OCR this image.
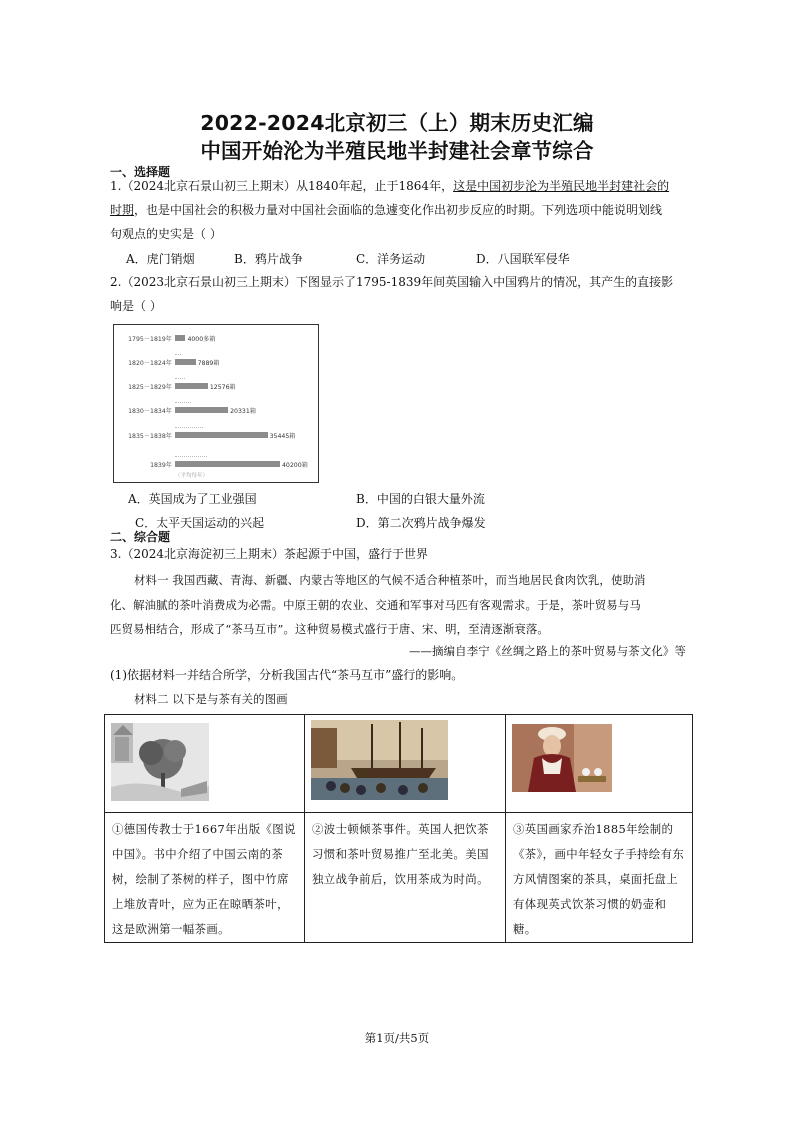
2022-2024北京初三（上）期末历史汇编
中国开始沦为半殖民地半封建社会章节综合
一、选择题
1.（2024北京石景山初三上期末）从1840年起，止于1864年，这是中国初步沦为半殖民地半封建社会的
时期，也是中国社会的积极力量对中国社会面临的急遽变化作出初步反应的时期。下列选项中能说明划线
句观点的史实是（ ）
A．虎门销烟	B．鸦片战争	C．洋务运动	D．八国联军侵华
2.（2023北京石景山初三上期末）下图显示了1795-1839年间英国输入中国鸦片的情况，其产生的直接影
响是（ ）
1795－1819年 4000多箱
1820－1824年	7889箱
1825－1829年	12576箱
1830－1834年	20331箱
1835－1838年	35445箱
1839年	40200箱
（平均每年）
A．英国成为了工业强国	B．中国的白银大量外流
C．太平天国运动的兴起	D．第二次鸦片战争爆发
二、综合题
3.（2024北京海淀初三上期末）茶起源于中国，盛行于世界
材料一 我国西藏、青海、新疆、内蒙古等地区的气候不适合种植茶叶，而当地居民食肉饮乳，使助消
化、解油腻的茶叶消费成为必需。中原王朝的农业、交通和军事对马匹有客观需求。于是，茶叶贸易与马
匹贸易相结合，形成了“茶马互市”。这种贸易模式盛行于唐、宋、明，至清逐渐衰落。
——摘编自李宁《丝绸之路上的茶叶贸易与茶文化》等
(1)依据材料一并结合所学，分析我国古代“茶马互市”盛行的影响。
材料二 以下是与茶有关的图画

①德国传教士于1667年出版《图说中国》。书中介绍了中国云南的茶树，绘制了茶树的样子，图中竹席上堆放青叶，应为正在晾晒茶叶，这是欧洲第一幅茶画。	②波士顿倾茶事件。英国人把饮茶习惯和茶叶贸易推广至北美。美国独立战争前后，饮用茶成为时尚。	③英国画家乔治1885年绘制的《茶》，画中年轻女子手持绘有东方风情图案的茶具，桌面托盘上有体现英式饮茶习惯的奶壶和糖。
第1页/共5页
